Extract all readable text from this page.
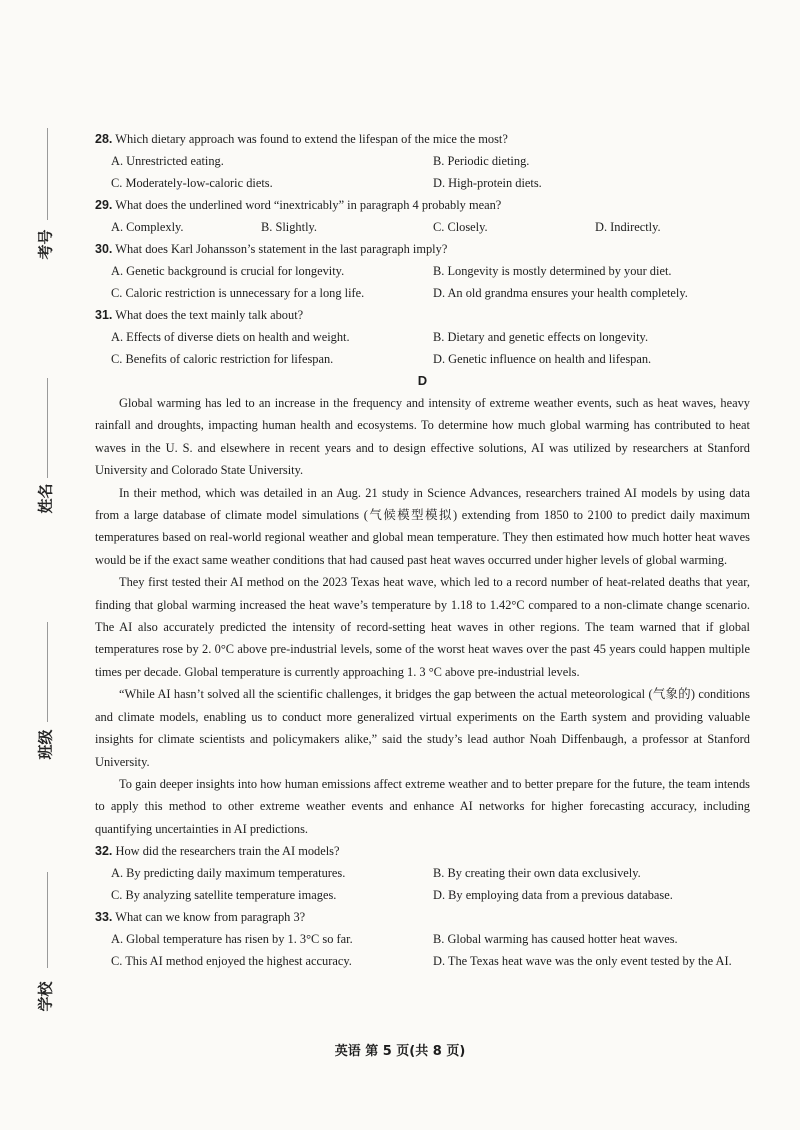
考号
姓名
班级
学校
28. Which dietary approach was found to extend the lifespan of the mice the most?
A. Unrestricted eating.	B. Periodic dieting.
C. Moderately-low-caloric diets.	D. High-protein diets.
29. What does the underlined word “inextricably” in paragraph 4 probably mean?
A. Complexly.	B. Slightly.	C. Closely.	D. Indirectly.
30. What does Karl Johansson’s statement in the last paragraph imply?
A. Genetic background is crucial for longevity.	B. Longevity is mostly determined by your diet.
C. Caloric restriction is unnecessary for a long life.	D. An old grandma ensures your health completely.
31. What does the text mainly talk about?
A. Effects of diverse diets on health and weight.	B. Dietary and genetic effects on longevity.
C. Benefits of caloric restriction for lifespan.	D. Genetic influence on health and lifespan.
D

Global warming has led to an increase in the frequency and intensity of extreme weather events, such as heat waves, heavy rainfall and droughts, impacting human health and ecosystems. To determine how much global warming has contributed to heat waves in the U. S. and elsewhere in recent years and to design effective solutions, AI was utilized by researchers at Stanford University and Colorado State University.

In their method, which was detailed in an Aug. 21 study in Science Advances, researchers trained AI models by using data from a large database of climate model simulations (气候模型模拟) extending from 1850 to 2100 to predict daily maximum temperatures based on real-world regional weather and global mean temperature. They then estimated how much hotter heat waves would be if the exact same weather conditions that had caused past heat waves occurred under higher levels of global warming.

They first tested their AI method on the 2023 Texas heat wave, which led to a record number of heat-related deaths that year, finding that global warming increased the heat wave’s temperature by 1.18 to 1.42°C compared to a non-climate change scenario. The AI also accurately predicted the intensity of record-setting heat waves in other regions. The team warned that if global temperatures rose by 2. 0°C above pre-industrial levels, some of the worst heat waves over the past 45 years could happen multiple times per decade. Global temperature is currently approaching 1. 3 °C above pre-industrial levels.

“While AI hasn’t solved all the scientific challenges, it bridges the gap between the actual meteorological (气象的) conditions and climate models, enabling us to conduct more generalized virtual experiments on the Earth system and providing valuable insights for climate scientists and policymakers alike,” said the study’s lead author Noah Diffenbaugh, a professor at Stanford University.

To gain deeper insights into how human emissions affect extreme weather and to better prepare for the future, the team intends to apply this method to other extreme weather events and enhance AI networks for higher forecasting accuracy, including quantifying uncertainties in AI predictions.

32. How did the researchers train the AI models?
A. By predicting daily maximum temperatures.	B. By creating their own data exclusively.
C. By analyzing satellite temperature images.	D. By employing data from a previous database.
33. What can we know from paragraph 3?
A. Global temperature has risen by 1. 3°C so far.	B. Global warming has caused hotter heat waves.
C. This AI method enjoyed the highest accuracy.	D. The Texas heat wave was the only event tested by the AI.
英语 第 5 页(共 8 页)
